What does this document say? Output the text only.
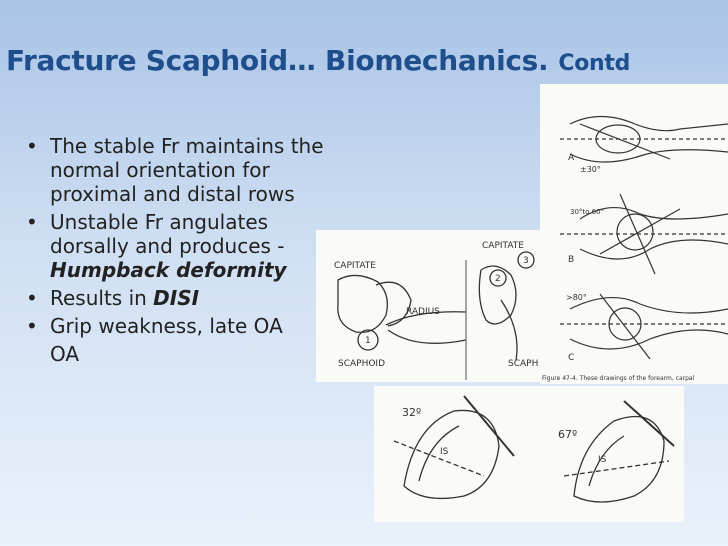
Fracture Scaphoid… Biomechanics. Contd
• The stable Fr maintains the normal orientation for proximal and distal rows
• Unstable Fr angulates dorsally and produces - Humpback deformity
• Results in DISI
• Grip weakness, late OA
OA
A
±30°
30°to 60°
B
>80°
C
Figure 47-4. These drawings of the forearm, carpal
CAPITATE
RADIUS
1
SCAPHOID
CAPITATE
2
3
SCAPH
32º
IS
67º
IS
